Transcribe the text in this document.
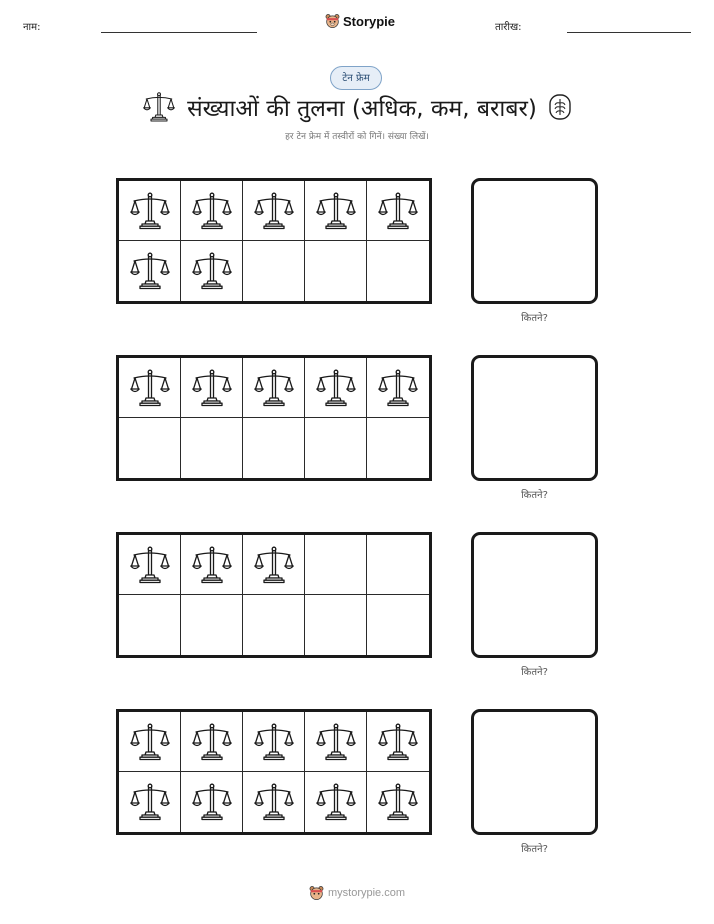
नाम:	Storypie	तारीख:
टेन फ्रेम
संख्याओं की तुलना (अधिक, कम, बराबर)
हर टेन फ्रेम में तस्वीरों को गिनें। संख्या लिखें।
कितने?
कितने?
कितने?
कितने?
mystorypie.com
